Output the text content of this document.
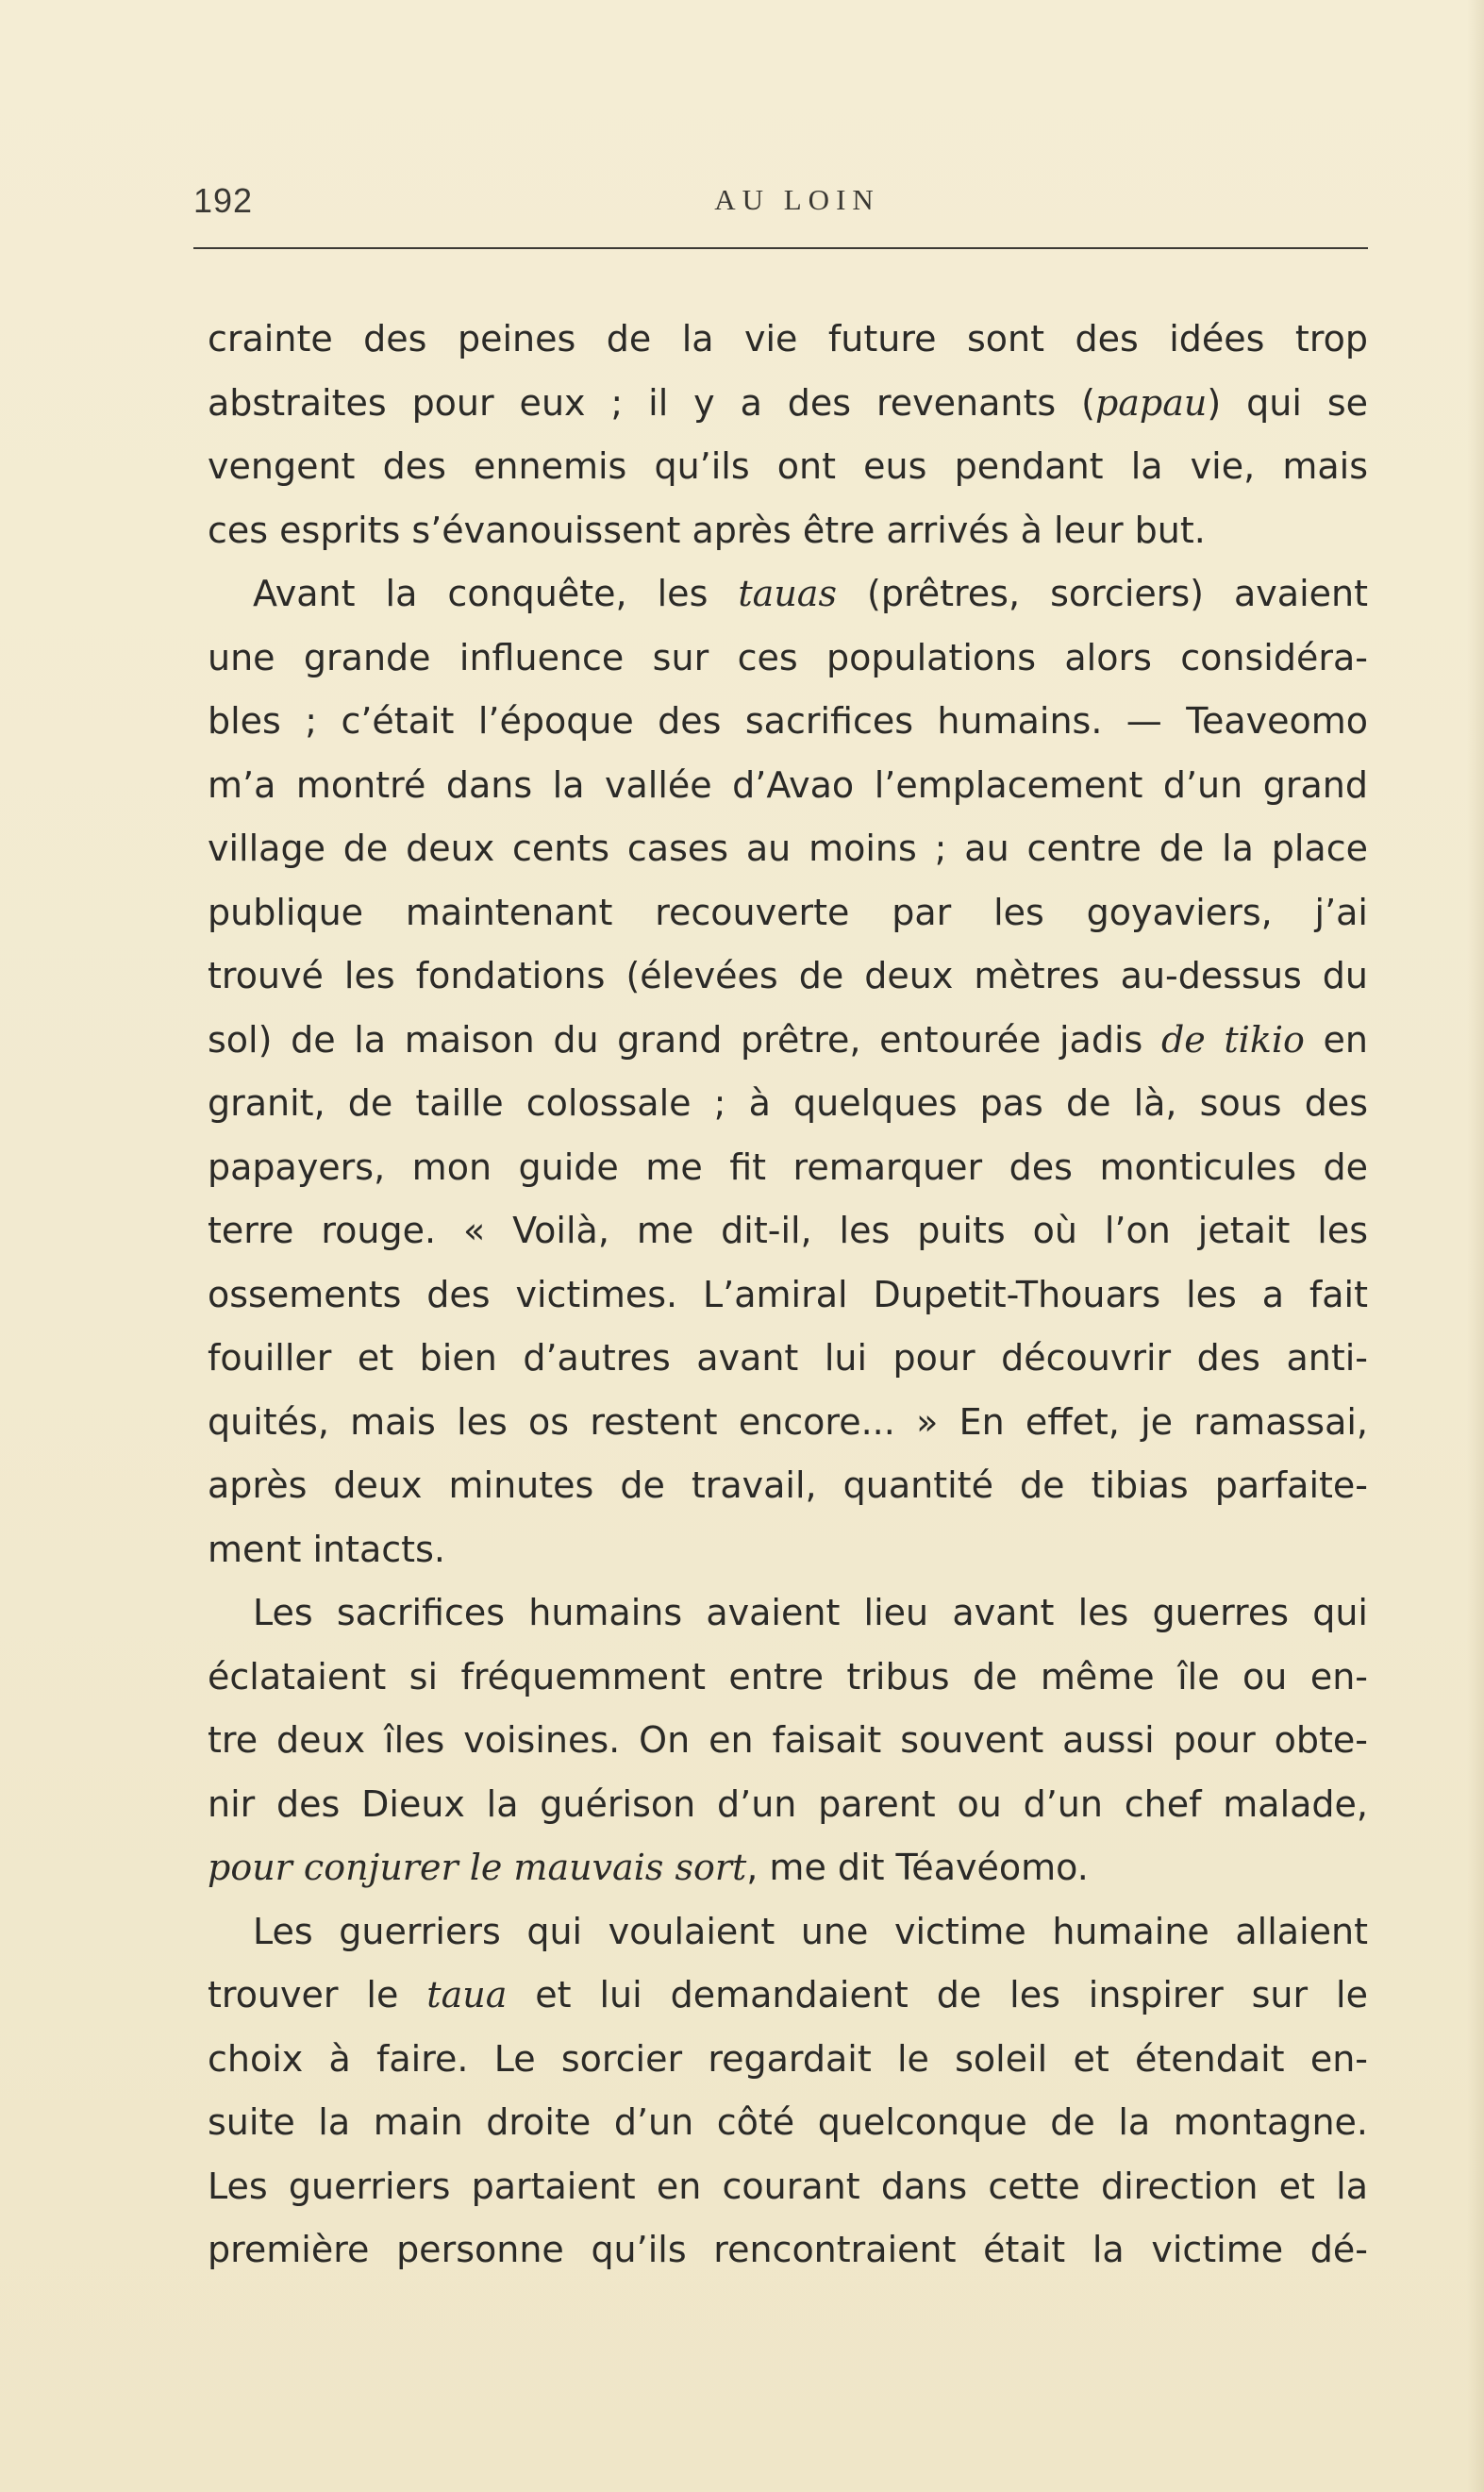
192	AU LOIN
crainte des peines de la vie future sont des idées trop
abstraites pour eux ; il y a des revenants (papau) qui se
vengent des ennemis qu’ils ont eus pendant la vie, mais
ces esprits s’évanouissent après être arrivés à leur but.
Avant la conquête, les tauas (prêtres, sorciers) avaient
une grande influence sur ces populations alors considéra-
bles ; c’était l’époque des sacrifices humains. — Teaveomo
m’a montré dans la vallée d’Avao l’emplacement d’un grand
village de deux cents cases au moins ; au centre de la place
publique maintenant recouverte par les goyaviers, j’ai
trouvé les fondations (élevées de deux mètres au-dessus du
sol) de la maison du grand prêtre, entourée jadis de tikio en
granit, de taille colossale ; à quelques pas de là, sous des
papayers, mon guide me fit remarquer des monticules de
terre rouge. « Voilà, me dit-il, les puits où l’on jetait les
ossements des victimes. L’amiral Dupetit-Thouars les a fait
fouiller et bien d’autres avant lui pour découvrir des anti-
quités, mais les os restent encore... » En effet, je ramassai,
après deux minutes de travail, quantité de tibias parfaite-
ment intacts.
Les sacrifices humains avaient lieu avant les guerres qui
éclataient si fréquemment entre tribus de même île ou en-
tre deux îles voisines. On en faisait souvent aussi pour obte-
nir des Dieux la guérison d’un parent ou d’un chef malade,
pour conjurer le mauvais sort, me dit Téavéomo.
Les guerriers qui voulaient une victime humaine allaient
trouver le taua et lui demandaient de les inspirer sur le
choix à faire. Le sorcier regardait le soleil et étendait en-
suite la main droite d’un côté quelconque de la montagne.
Les guerriers partaient en courant dans cette direction et la
première personne qu’ils rencontraient était la victime dé-
